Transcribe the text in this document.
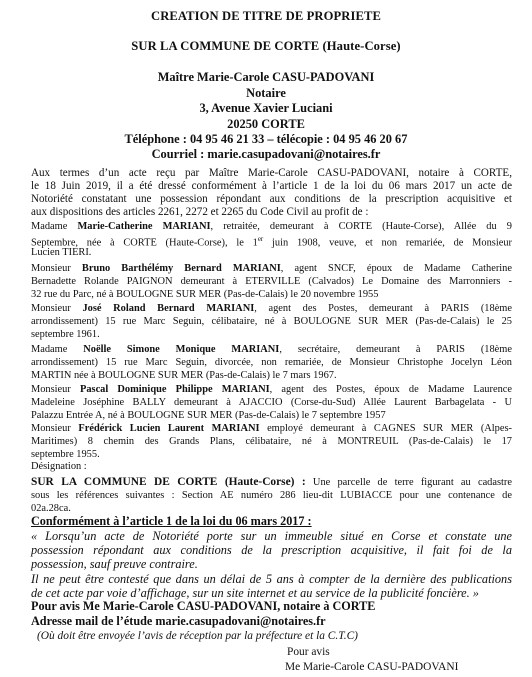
CREATION DE TITRE DE PROPRIETE
SUR LA COMMUNE DE CORTE (Haute-Corse)
Maître Marie-Carole CASU-PADOVANI
Notaire
3, Avenue Xavier Luciani
20250 CORTE
Téléphone : 04 95 46 21 33 – télécopie : 04 95 46 20 67
Courriel : marie.casupadovani@notaires.fr
Aux termes d’un acte reçu par Maître Marie-Carole CASU-PADOVANI, notaire à CORTE,
le 18 Juin 2019, il a été dressé conformément à l’article 1 de la loi du 06 mars 2017 un acte de
Notoriété constatant une possession répondant aux conditions de la prescription acquisitive et
aux dispositions des articles 2261, 2272 et 2265 du Code Civil au profit de :
Madame Marie-Catherine MARIANI, retraitée, demeurant à CORTE (Haute-Corse), Allée du 9
Septembre, née à CORTE (Haute-Corse), le 1er juin 1908, veuve, et non remariée, de Monsieur
Lucien TIERI.
Monsieur Bruno Barthélémy Bernard MARIANI, agent SNCF, époux de Madame Catherine
Bernadette Rolande PAIGNON demeurant à ETERVILLE (Calvados) Le Domaine des Marronniers -
32 rue du Parc, né à BOULOGNE SUR MER (Pas-de-Calais) le 20 novembre 1955
Monsieur José Roland Bernard MARIANI, agent des Postes, demeurant à PARIS (18ème
arrondissement) 15 rue Marc Seguin, célibataire, né à BOULOGNE SUR MER (Pas-de-Calais) le 25
septembre 1961.
Madame Noëlle Simone Monique MARIANI, secrétaire, demeurant à PARIS (18ème
arrondissement) 15 rue Marc Seguin, divorcée, non remariée, de Monsieur Christophe Jocelyn Léon
MARTIN née à BOULOGNE SUR MER (Pas-de-Calais) le 7 mars 1967.
Monsieur Pascal Dominique Philippe MARIANI, agent des Postes, époux de Madame Laurence
Madeleine Joséphine BALLY demeurant à AJACCIO (Corse-du-Sud) Allée Laurent Barbagelata - U
Palazzu Entrée A, né à BOULOGNE SUR MER (Pas-de-Calais) le 7 septembre 1957
Monsieur Frédérick Lucien Laurent MARIANI employé demeurant à CAGNES SUR MER (Alpes-
Maritimes) 8 chemin des Grands Plans, célibataire, né à MONTREUIL (Pas-de-Calais) le 17
septembre 1955.
Désignation :
SUR LA COMMUNE DE CORTE (Haute-Corse) : Une parcelle de terre figurant au cadastre
sous les références suivantes : Section AE numéro 286 lieu-dit LUBIACCE pour une contenance de
02a.28ca.
Conformément à l’article 1 de la loi du 06 mars 2017 :
« Lorsqu’un acte de Notoriété porte sur un immeuble situé en Corse et constate une
possession répondant aux conditions de la prescription acquisitive, il fait foi de la
possession, sauf preuve contraire.
Il ne peut être contesté que dans un délai de 5 ans à compter de la dernière des publications
de cet acte par voie d’affichage, sur un site internet et au service de la publicité foncière. »
Pour avis Me Marie-Carole CASU-PADOVANI, notaire à CORTE
Adresse mail de l’étude marie.casupadovani@notaires.fr
(Où doit être envoyée l’avis de réception par la préfecture et la C.T.C)
Pour avis
Me Marie-Carole CASU-PADOVANI
